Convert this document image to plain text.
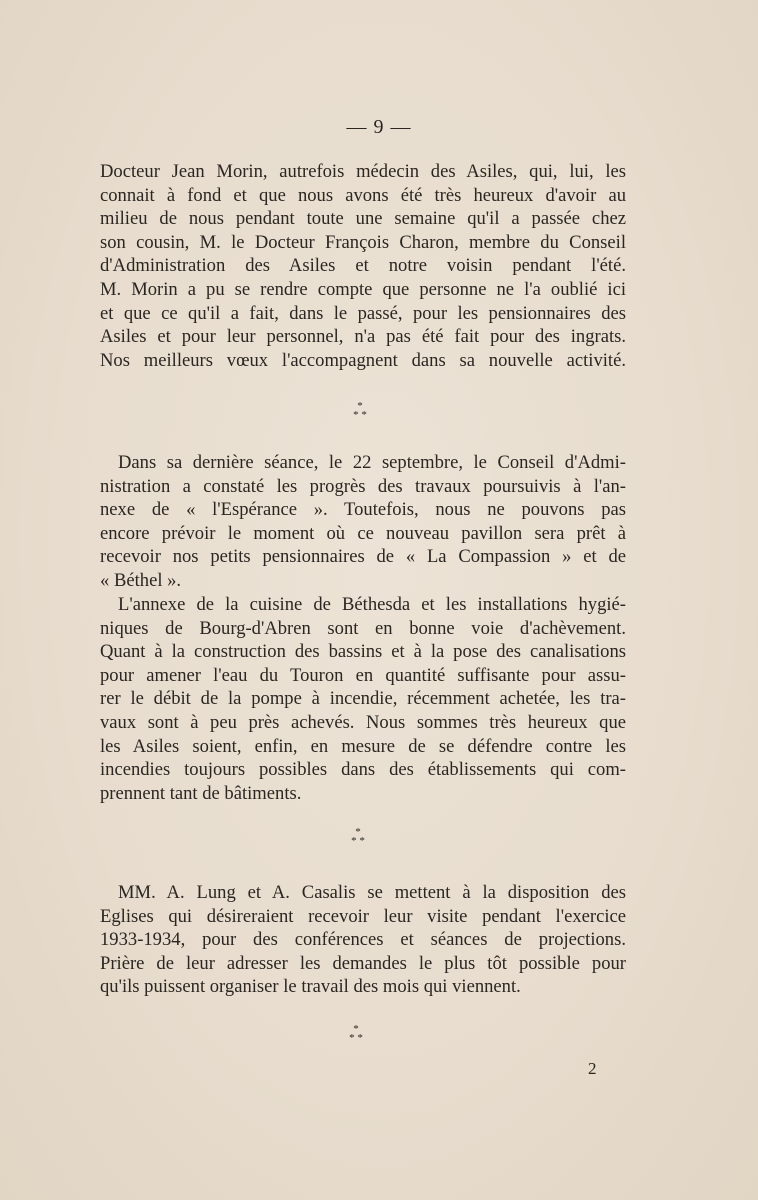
— 9 —
Docteur Jean Morin, autrefois médecin des Asiles, qui, lui, les
connait à fond et que nous avons été très heureux d'avoir au
milieu de nous pendant toute une semaine qu'il a passée chez
son cousin, M. le Docteur François Charon, membre du Conseil
d'Administration des Asiles et notre voisin pendant l'été.
M. Morin a pu se rendre compte que personne ne l'a oublié ici
et que ce qu'il a fait, dans le passé, pour les pensionnaires des
Asiles et pour leur personnel, n'a pas été fait pour des ingrats.
Nos meilleurs vœux l'accompagnent dans sa nouvelle activité.
*
* *
Dans sa dernière séance, le 22 septembre, le Conseil d'Admi-
nistration a constaté les progrès des travaux poursuivis à l'an-
nexe de « l'Espérance ». Toutefois, nous ne pouvons pas
encore prévoir le moment où ce nouveau pavillon sera prêt à
recevoir nos petits pensionnaires de « La Compassion » et de
« Béthel ».
L'annexe de la cuisine de Béthesda et les installations hygié-
niques de Bourg-d'Abren sont en bonne voie d'achèvement.
Quant à la construction des bassins et à la pose des canalisations
pour amener l'eau du Touron en quantité suffisante pour assu-
rer le débit de la pompe à incendie, récemment achetée, les tra-
vaux sont à peu près achevés. Nous sommes très heureux que
les Asiles soient, enfin, en mesure de se défendre contre les
incendies toujours possibles dans des établissements qui com-
prennent tant de bâtiments.
*
* *
MM. A. Lung et A. Casalis se mettent à la disposition des
Eglises qui désireraient recevoir leur visite pendant l'exercice
1933-1934, pour des conférences et séances de projections.
Prière de leur adresser les demandes le plus tôt possible pour
qu'ils puissent organiser le travail des mois qui viennent.
*
* *
2
